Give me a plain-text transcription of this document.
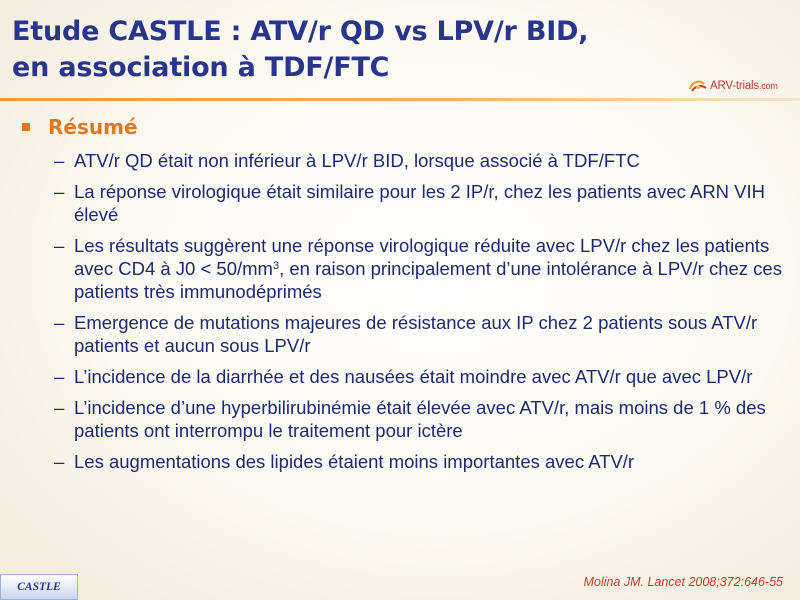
Etude CASTLE : ATV/r QD vs LPV/r BID,
en association à TDF/FTC
ARV-trials.com
Résumé
– ATV/r QD était non inférieur à LPV/r BID, lorsque associé à TDF/FTC
– La réponse virologique était similaire pour les 2 IP/r, chez les patients avec ARN VIH élevé
– Les résultats suggèrent une réponse virologique réduite avec LPV/r chez les patients avec CD4 à $J0 < 50/mm^3$, en raison principalement d’une intolérance à LPV/r chez ces patients très immunodéprimés
– Emergence de mutations majeures de résistance aux IP chez 2 patients sous ATV/r patients et aucun sous LPV/r
– L’incidence de la diarrhée et des nausées était moindre avec ATV/r que avec LPV/r
– L’incidence d’une hyperbilirubinémie était élevée avec ATV/r, mais moins de 1 % des patients ont interrompu le traitement pour ictère
– Les augmentations des lipides étaient moins importantes avec ATV/r
CASTLE	Molina JM. Lancet 2008;372:646-55
